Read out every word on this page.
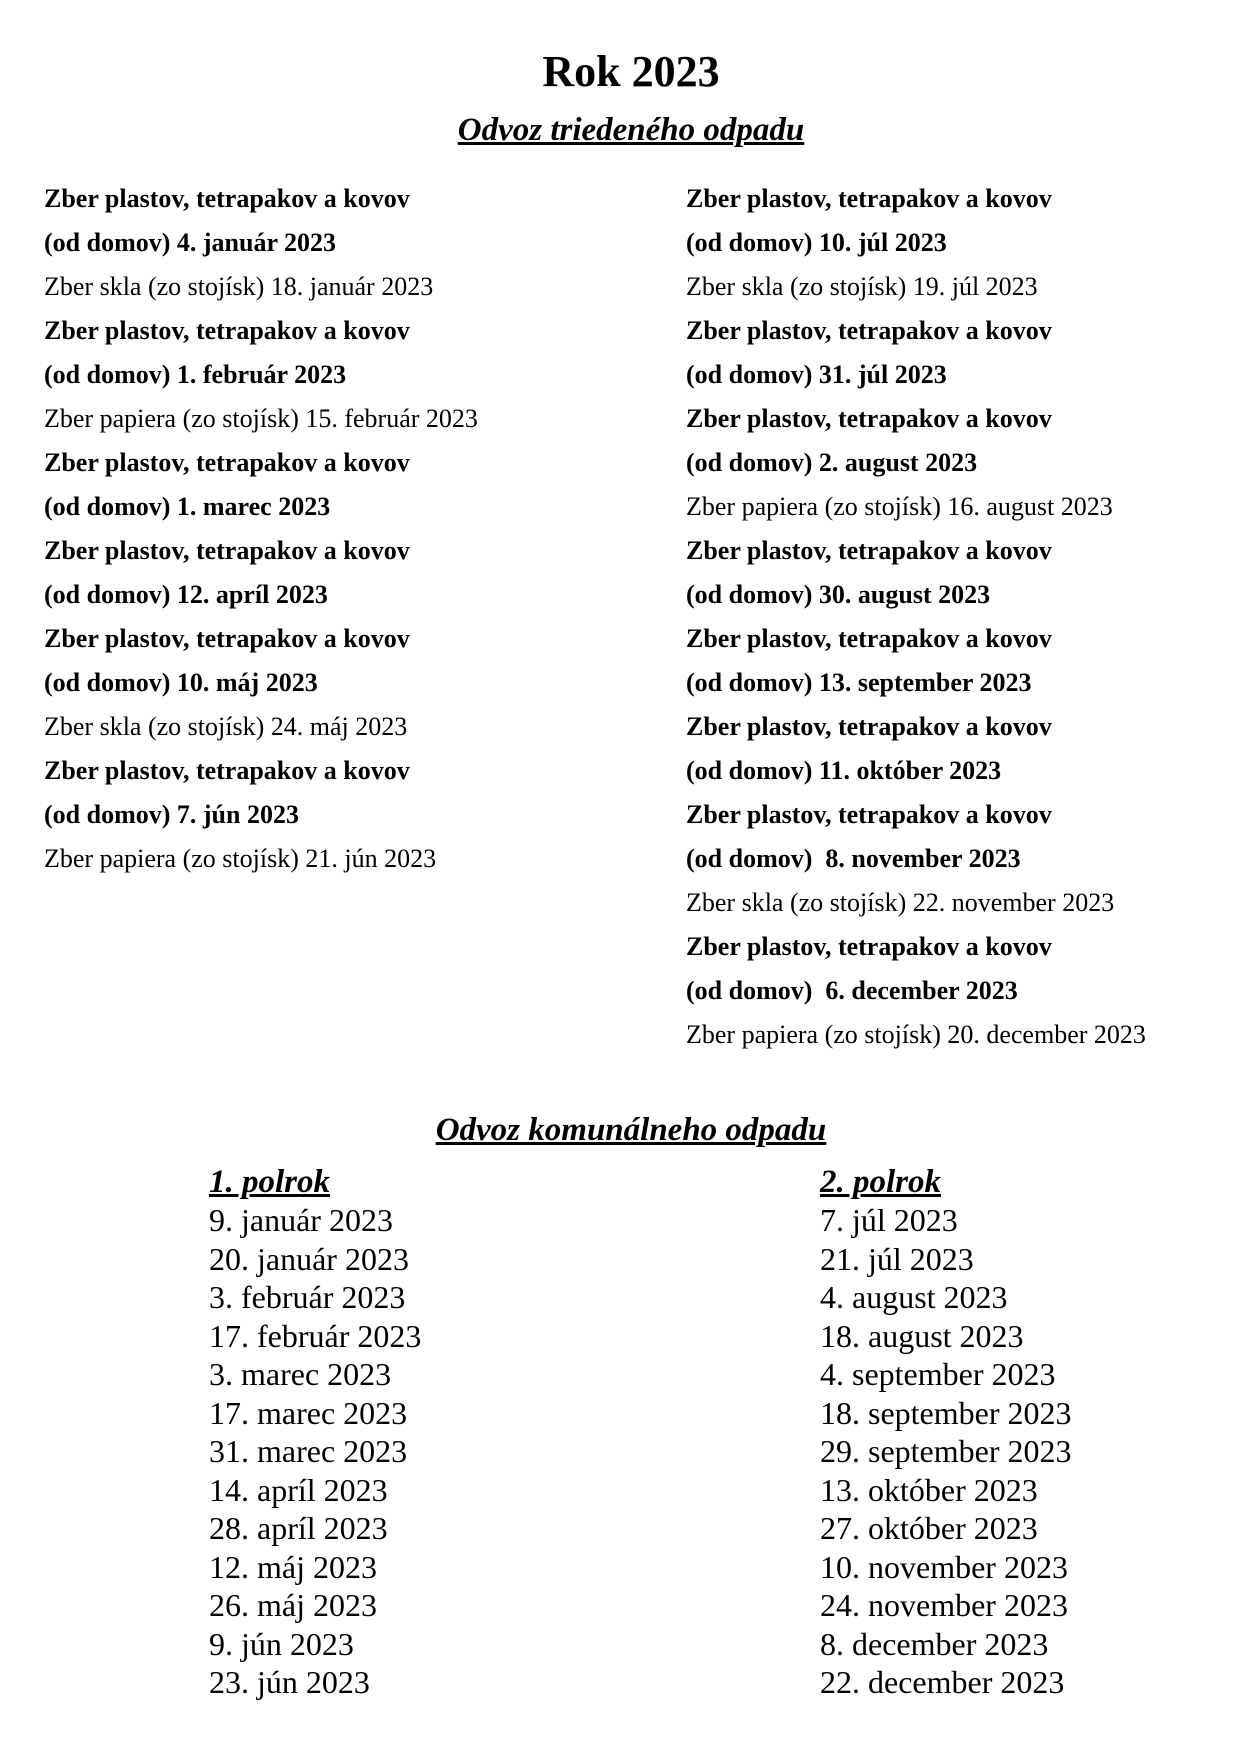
Rok 2023
Odvoz triedeného odpadu
Zber plastov, tetrapakov a kovov
(od domov) 4. január 2023
Zber skla (zo stojísk) 18. január 2023
Zber plastov, tetrapakov a kovov
(od domov) 1. február 2023
Zber papiera (zo stojísk) 15. február 2023
Zber plastov, tetrapakov a kovov
(od domov) 1. marec 2023
Zber plastov, tetrapakov a kovov
(od domov) 12. apríl 2023
Zber plastov, tetrapakov a kovov
(od domov) 10. máj 2023
Zber skla (zo stojísk) 24. máj 2023
Zber plastov, tetrapakov a kovov
(od domov) 7. jún 2023
Zber papiera (zo stojísk) 21. jún 2023
Zber plastov, tetrapakov a kovov
(od domov) 10. júl 2023
Zber skla (zo stojísk) 19. júl 2023
Zber plastov, tetrapakov a kovov
(od domov) 31. júl 2023
Zber plastov, tetrapakov a kovov
(od domov) 2. august 2023
Zber papiera (zo stojísk) 16. august 2023
Zber plastov, tetrapakov a kovov
(od domov) 30. august 2023
Zber plastov, tetrapakov a kovov
(od domov) 13. september 2023
Zber plastov, tetrapakov a kovov
(od domov) 11. október 2023
Zber plastov, tetrapakov a kovov
(od domov)  8. november 2023
Zber skla (zo stojísk) 22. november 2023
Zber plastov, tetrapakov a kovov
(od domov)  6. december 2023
Zber papiera (zo stojísk) 20. december 2023
Odvoz komunálneho odpadu
1. polrok
9. január 2023
20. január 2023
3. február 2023
17. február 2023
3. marec 2023
17. marec 2023
31. marec 2023
14. apríl 2023
28. apríl 2023
12. máj 2023
26. máj 2023
9. jún 2023
23. jún 2023
2. polrok
7. júl 2023
21. júl 2023
4. august 2023
18. august 2023
4. september 2023
18. september 2023
29. september 2023
13. október 2023
27. október 2023
10. november 2023
24. november 2023
8. december 2023
22. december 2023
